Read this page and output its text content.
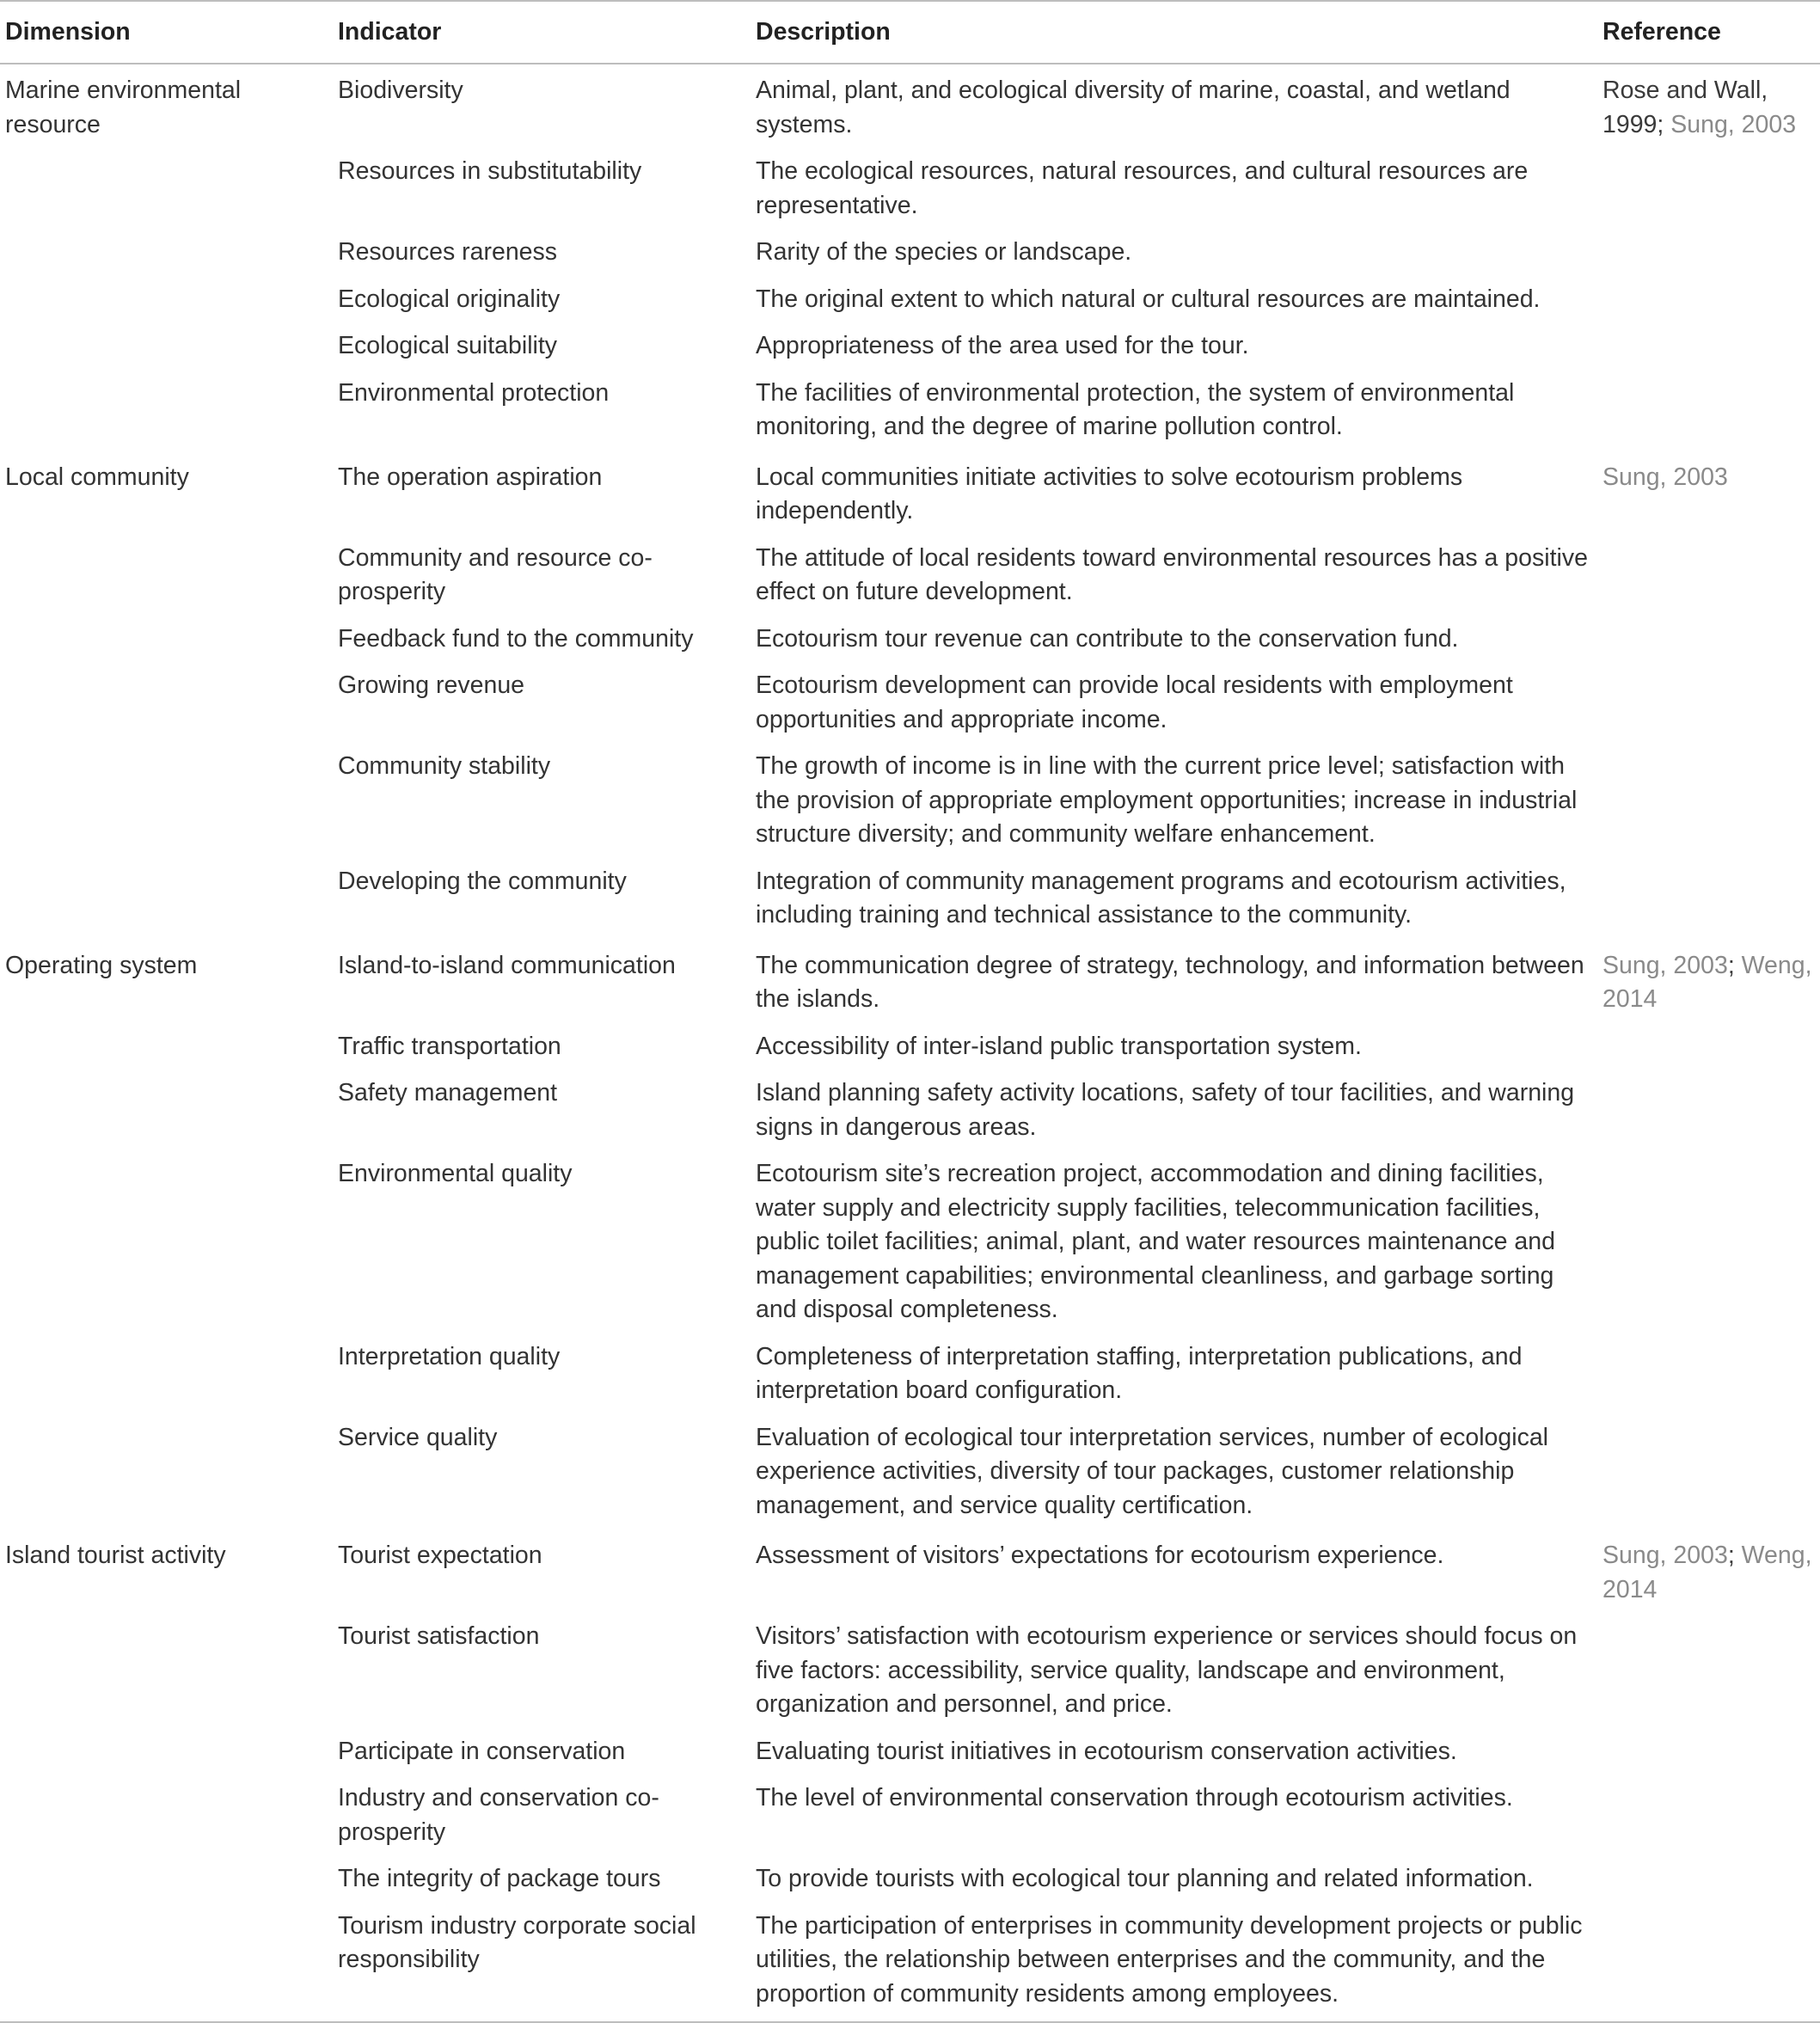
Dimension	Indicator	Description	Reference
Marine environmental resource	Biodiversity	Animal, plant, and ecological diversity of marine, coastal, and wetland systems.	Rose and Wall, 1999; Sung, 2003
	Resources in substitutability	The ecological resources, natural resources, and cultural resources are representative.	
	Resources rareness	Rarity of the species or landscape.	
	Ecological originality	The original extent to which natural or cultural resources are maintained.	
	Ecological suitability	Appropriateness of the area used for the tour.	
	Environmental protection	The facilities of environmental protection, the system of environmental monitoring, and the degree of marine pollution control.	
Local community	The operation aspiration	Local communities initiate activities to solve ecotourism problems independently.	Sung, 2003
	Community and resource co-prosperity	The attitude of local residents toward environmental resources has a positive effect on future development.	
	Feedback fund to the community	Ecotourism tour revenue can contribute to the conservation fund.	
	Growing revenue	Ecotourism development can provide local residents with employment opportunities and appropriate income.	
	Community stability	The growth of income is in line with the current price level; satisfaction with the provision of appropriate employment opportunities; increase in industrial structure diversity; and community welfare enhancement.	
	Developing the community	Integration of community management programs and ecotourism activities, including training and technical assistance to the community.	
Operating system	Island-to-island communication	The communication degree of strategy, technology, and information between the islands.	Sung, 2003; Weng, 2014
	Traffic transportation	Accessibility of inter-island public transportation system.	
	Safety management	Island planning safety activity locations, safety of tour facilities, and warning signs in dangerous areas.	
	Environmental quality	Ecotourism site’s recreation project, accommodation and dining facilities, water supply and electricity supply facilities, telecommunication facilities, public toilet facilities; animal, plant, and water resources maintenance and management capabilities; environmental cleanliness, and garbage sorting and disposal completeness.	
	Interpretation quality	Completeness of interpretation staffing, interpretation publications, and interpretation board configuration.	
	Service quality	Evaluation of ecological tour interpretation services, number of ecological experience activities, diversity of tour packages, customer relationship management, and service quality certification.	
Island tourist activity	Tourist expectation	Assessment of visitors’ expectations for ecotourism experience.	Sung, 2003; Weng, 2014
	Tourist satisfaction	Visitors’ satisfaction with ecotourism experience or services should focus on five factors: accessibility, service quality, landscape and environment, organization and personnel, and price.	
	Participate in conservation	Evaluating tourist initiatives in ecotourism conservation activities.	
	Industry and conservation co-prosperity	The level of environmental conservation through ecotourism activities.	
	The integrity of package tours	To provide tourists with ecological tour planning and related information.	
	Tourism industry corporate social responsibility	The participation of enterprises in community development projects or public utilities, the relationship between enterprises and the community, and the proportion of community residents among employees.	
